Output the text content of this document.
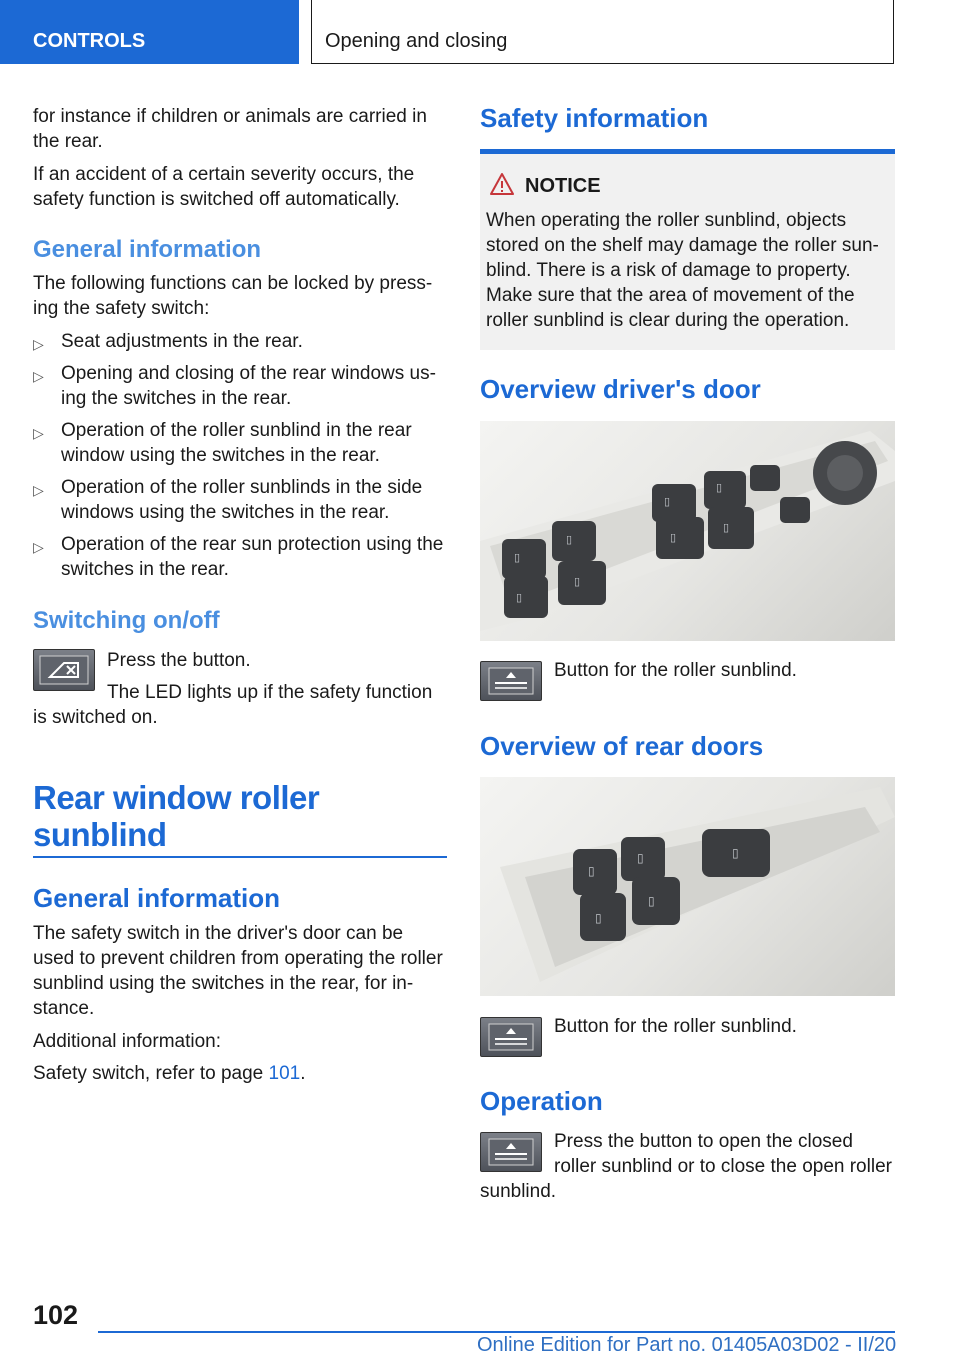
CONTROLS	Opening and closing
for instance if children or animals are carried in the rear.
If an accident of a certain severity occurs, the safety function is switched off automatically.
General information
The following functions can be locked by press‐ing the safety switch:
▷ Seat adjustments in the rear.
▷ Opening and closing of the rear windows us‐ing the switches in the rear.
▷ Operation of the roller sunblind in the rear window using the switches in the rear.
▷ Operation of the roller sunblinds in the side windows using the switches in the rear.
▷ Operation of the rear sun protection using the switches in the rear.
Switching on/off
Press the button.
The LED lights up if the safety function
is switched on.
Rear window roller sunblind
General information
The safety switch in the driver's door can be used to prevent children from operating the roller sunblind using the switches in the rear, for in‐stance.
Additional information:
Safety switch, refer to page 101.
Safety information
NOTICE
When operating the roller sunblind, objects stored on the shelf may damage the roller sun‐blind. There is a risk of damage to property. Make sure that the area of movement of the roller sunblind is clear during the operation.
Overview driver's door
▯
▯
▯
▯
▯
▯
▯
▯
Button for the roller sunblind.
Overview of rear doors
▯
▯
▯
▯
▯
Button for the roller sunblind.
Operation
Press the button to open the closed
roller sunblind or to close the open roller
sunblind.
102
Online Edition for Part no. 01405A03D02 - II/20
